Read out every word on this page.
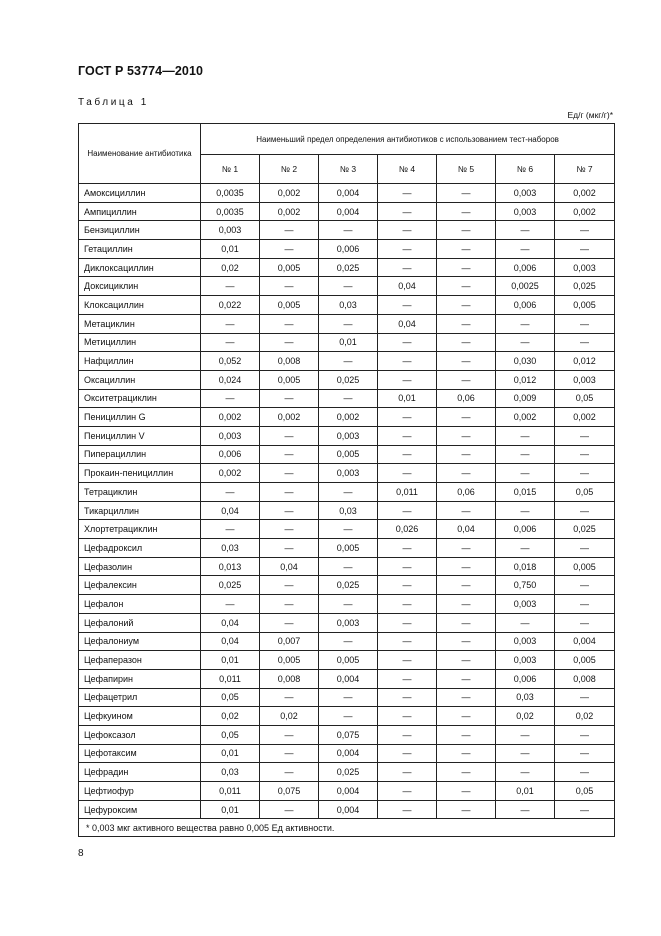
ГОСТ Р 53774—2010
Таблица 1
Ед/г (мкг/г)*
Наименование антибиотика	Наименьший предел определения антибиотиков с использованием тест-наборов						
	№ 1	№ 2	№ 3	№ 4	№ 5	№ 6	№ 7
Амоксициллин	0,0035	0,002	0,004	—	—	0,003	0,002
Ампициллин	0,0035	0,002	0,004	—	—	0,003	0,002
Бензициллин	0,003	—	—	—	—	—	—
Гетациллин	0,01	—	0,006	—	—	—	—
Диклоксациллин	0,02	0,005	0,025	—	—	0,006	0,003
Доксициклин	—	—	—	0,04	—	0,0025	0,025
Клоксациллин	0,022	0,005	0,03	—	—	0,006	0,005
Метациклин	—	—	—	0,04	—	—	—
Метициллин	—	—	0,01	—	—	—	—
Нафциллин	0,052	0,008	—	—	—	0,030	0,012
Оксациллин	0,024	0,005	0,025	—	—	0,012	0,003
Окситетрациклин	—	—	—	0,01	0,06	0,009	0,05
Пенициллин G	0,002	0,002	0,002	—	—	0,002	0,002
Пенициллин V	0,003	—	0,003	—	—	—	—
Пиперациллин	0,006	—	0,005	—	—	—	—
Прокаин-пенициллин	0,002	—	0,003	—	—	—	—
Тетрациклин	—	—	—	0,011	0,06	0,015	0,05
Тикарциллин	0,04	—	0,03	—	—	—	—
Хлортетрациклин	—	—	—	0,026	0,04	0,006	0,025
Цефадроксил	0,03	—	0,005	—	—	—	—
Цефазолин	0,013	0,04	—	—	—	0,018	0,005
Цефалексин	0,025	—	0,025	—	—	0,750	—
Цефалон	—	—	—	—	—	0,003	—
Цефалоний	0,04	—	0,003	—	—	—	—
Цефалониум	0,04	0,007	—	—	—	0,003	0,004
Цефаперазон	0,01	0,005	0,005	—	—	0,003	0,005
Цефапирин	0,011	0,008	0,004	—	—	0,006	0,008
Цефацетрил	0,05	—	—	—	—	0,03	—
Цефкуином	0,02	0,02	—	—	—	0,02	0,02
Цефоксазол	0,05	—	0,075	—	—	—	—
Цефотаксим	0,01	—	0,004	—	—	—	—
Цефрадин	0,03	—	0,025	—	—	—	—
Цефтиофур	0,011	0,075	0,004	—	—	0,01	0,05
Цефуроксим	0,01	—	0,004	—	—	—	—
* 0,003 мкг активного вещества равно 0,005 Ед активности.							
8
